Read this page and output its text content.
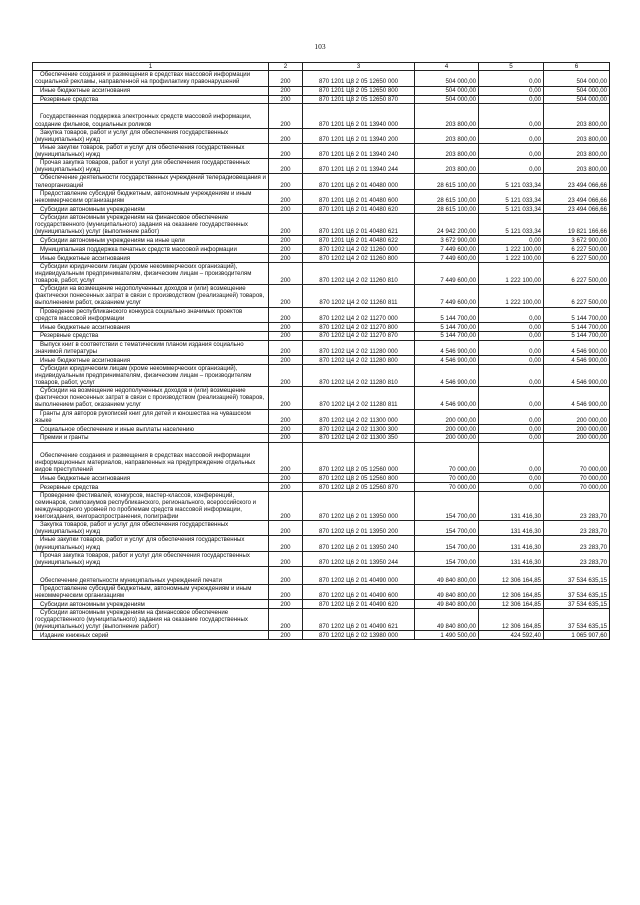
103
1	2	3	4	5	6
Обеспечение создания и размещения в средствах массовой информации социальной рекламы, направленной на профилактику правонарушений	200	870 1201 Ц8 2 05 12650 000	504 000,00	0,00	504 000,00
Иные бюджетные ассигнования	200	870 1201 Ц8 2 05 12650 800	504 000,00	0,00	504 000,00
Резервные средства	200	870 1201 Ц8 2 05 12650 870	504 000,00	0,00	504 000,00
Государственная поддержка электронных средств массовой информации, создание фильмов, социальных роликов	200	870 1201 Ц6 2 01 13940 000	203 800,00	0,00	203 800,00
Закупка товаров, работ и услуг для обеспечения государственных (муниципальных) нужд	200	870 1201 Ц6 2 01 13940 200	203 800,00	0,00	203 800,00
Иные закупки товаров, работ и услуг для обеспечения государственных (муниципальных) нужд	200	870 1201 Ц6 2 01 13940 240	203 800,00	0,00	203 800,00
Прочая закупка товаров, работ и услуг для обеспечения государственных (муниципальных) нужд	200	870 1201 Ц6 2 01 13940 244	203 800,00	0,00	203 800,00
Обеспечение деятельности государственных учреждений телерадиовещания и телеорганизаций	200	870 1201 Ц6 2 01 40480 000	28 615 100,00	5 121 033,34	23 494 066,66
Предоставление субсидий бюджетным, автономным учреждениям и иным некоммерческим организациям	200	870 1201 Ц6 2 01 40480 600	28 615 100,00	5 121 033,34	23 494 066,66
Субсидии автономным учреждениям	200	870 1201 Ц6 2 01 40480 620	28 615 100,00	5 121 033,34	23 494 066,66
Субсидии автономным учреждениям на финансовое обеспечение государственного (муниципального) задания на оказание государственных (муниципальных) услуг (выполнение работ)	200	870 1201 Ц6 2 01 40480 621	24 942 200,00	5 121 033,34	19 821 166,66
Субсидии автономным учреждениям на иные цели	200	870 1201 Ц6 2 01 40480 622	3 672 900,00	0,00	3 672 900,00
Муниципальная поддержка печатных средств массовой информации	200	870 1202 Ц4 2 02 11260 000	7 449 600,00	1 222 100,00	6 227 500,00
Иные бюджетные ассигнования	200	870 1202 Ц4 2 02 11260 800	7 449 600,00	1 222 100,00	6 227 500,00
Субсидии юридическим лицам (кроме некоммерческих организаций), индивидуальным предпринимателям, физическим лицам – производителям товаров, работ, услуг	200	870 1202 Ц4 2 02 11260 810	7 449 600,00	1 222 100,00	6 227 500,00
Субсидии на возмещение недополученных доходов и (или) возмещение фактически понесенных затрат в связи с производством (реализацией) товаров, выполнением работ, оказанием услуг	200	870 1202 Ц4 2 02 11260 811	7 449 600,00	1 222 100,00	6 227 500,00
Проведение республиканского конкурса социально значимых проектов средств массовой информации	200	870 1202 Ц4 2 02 11270 000	5 144 700,00	0,00	5 144 700,00
Иные бюджетные ассигнования	200	870 1202 Ц4 2 02 11270 800	5 144 700,00	0,00	5 144 700,00
Резервные средства	200	870 1202 Ц4 2 02 11270 870	5 144 700,00	0,00	5 144 700,00
Выпуск книг в соответствии с тематическим планом издания социально значимой литературы	200	870 1202 Ц4 2 02 11280 000	4 546 900,00	0,00	4 546 900,00
Иные бюджетные ассигнования	200	870 1202 Ц4 2 02 11280 800	4 546 900,00	0,00	4 546 900,00
Субсидии юридическим лицам (кроме некоммерческих организаций), индивидуальным предпринимателям, физическим лицам – производителям товаров, работ, услуг	200	870 1202 Ц4 2 02 11280 810	4 546 900,00	0,00	4 546 900,00
Субсидии на возмещение недополученных доходов и (или) возмещение фактически понесенных затрат в связи с производством (реализацией) товаров, выполнением работ, оказанием услуг	200	870 1202 Ц4 2 02 11280 811	4 546 900,00	0,00	4 546 900,00
Гранты для авторов рукописей книг для детей и юношества на чувашском языке	200	870 1202 Ц4 2 02 11300 000	200 000,00	0,00	200 000,00
Социальное обеспечение и иные выплаты населению	200	870 1202 Ц4 2 02 11300 300	200 000,00	0,00	200 000,00
Премии и гранты	200	870 1202 Ц4 2 02 11300 350	200 000,00	0,00	200 000,00
Обеспечение создания и размещения в средствах массовой информации информационных материалов, направленных на предупреждение отдельных видов преступлений	200	870 1202 Ц8 2 05 12560 000	70 000,00	0,00	70 000,00
Иные бюджетные ассигнования	200	870 1202 Ц8 2 05 12560 800	70 000,00	0,00	70 000,00
Резервные средства	200	870 1202 Ц8 2 05 12560 870	70 000,00	0,00	70 000,00
Проведение фестивалей, конкурсов, мастер-классов, конференций, семинаров, симпозиумов республиканского, регионального, всероссийского и международного уровней по проблемам средств массовой информации, книгоиздания, книгораспространения, полиграфии	200	870 1202 Ц6 2 01 13950 000	154 700,00	131 416,30	23 283,70
Закупка товаров, работ и услуг для обеспечения государственных (муниципальных) нужд	200	870 1202 Ц6 2 01 13950 200	154 700,00	131 416,30	23 283,70
Иные закупки товаров, работ и услуг для обеспечения государственных (муниципальных) нужд	200	870 1202 Ц6 2 01 13950 240	154 700,00	131 416,30	23 283,70
Прочая закупка товаров, работ и услуг для обеспечения государственных (муниципальных) нужд	200	870 1202 Ц6 2 01 13950 244	154 700,00	131 416,30	23 283,70
Обеспечение деятельности муниципальных учреждений печати	200	870 1202 Ц6 2 01 40490 000	49 840 800,00	12 306 164,85	37 534 635,15
Предоставление субсидий бюджетным, автономным учреждениям и иным некоммерческим организациям	200	870 1202 Ц6 2 01 40490 600	49 840 800,00	12 306 164,85	37 534 635,15
Субсидии автономным учреждениям	200	870 1202 Ц6 2 01 40490 620	49 840 800,00	12 306 164,85	37 534 635,15
Субсидии автономным учреждениям на финансовое обеспечение государственного (муниципального) задания на оказание государственных (муниципальных) услуг (выполнение работ)	200	870 1202 Ц6 2 01 40490 621	49 840 800,00	12 306 164,85	37 534 635,15
Издание книжных серий	200	870 1202 Ц6 2 02 13980 000	1 490 500,00	424 592,40	1 065 907,60
